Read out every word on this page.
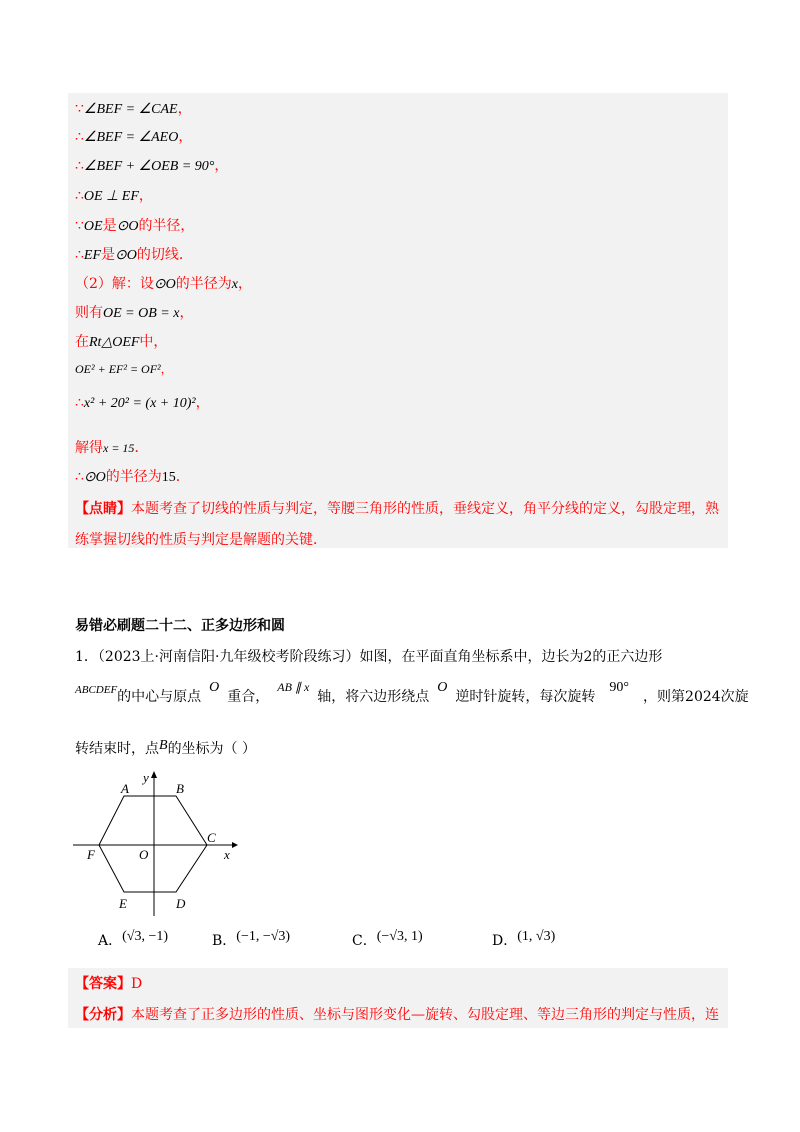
∵∠BEF = ∠CAE，
∴∠BEF = ∠AEO，
∴∠BEF + ∠OEB = 90°，
∴OE ⊥ EF，
∵OE是⊙O的半径，
∴EF是⊙O的切线．
（2）解：设⊙O的半径为x，
则有OE = OB = x，
在Rt△OEF中，
OE² + EF² = OF²，
∴x² + 20² = (x + 10)²，
解得x = 15．
∴⊙O的半径为15．
【点睛】本题考查了切线的性质与判定，等腰三角形的性质，垂线定义，角平分线的定义，勾股定理，熟
练掌握切线的性质与判定是解题的关键．
易错必刷题二十二、正多边形和圆
1．（2023上·河南信阳·九年级校考阶段练习）如图，在平面直角坐标系中，边长为2的正六边形
$^{ABCDEF}$的中心与原点O重合，AB ∥ x轴，将六边形绕点O逆时针旋转，每次旋转90°，则第2024次旋
转结束时，点B的坐标为（ ）
A	B
C
D
E
F	O	x
y
A．(√3, −1)	B．(−1, −√3)	C．(−√3, 1)	D．(1, √3)
【答案】D
【分析】本题考查了正多边形的性质、坐标与图形变化—旋转、勾股定理、等边三角形的判定与性质，连
